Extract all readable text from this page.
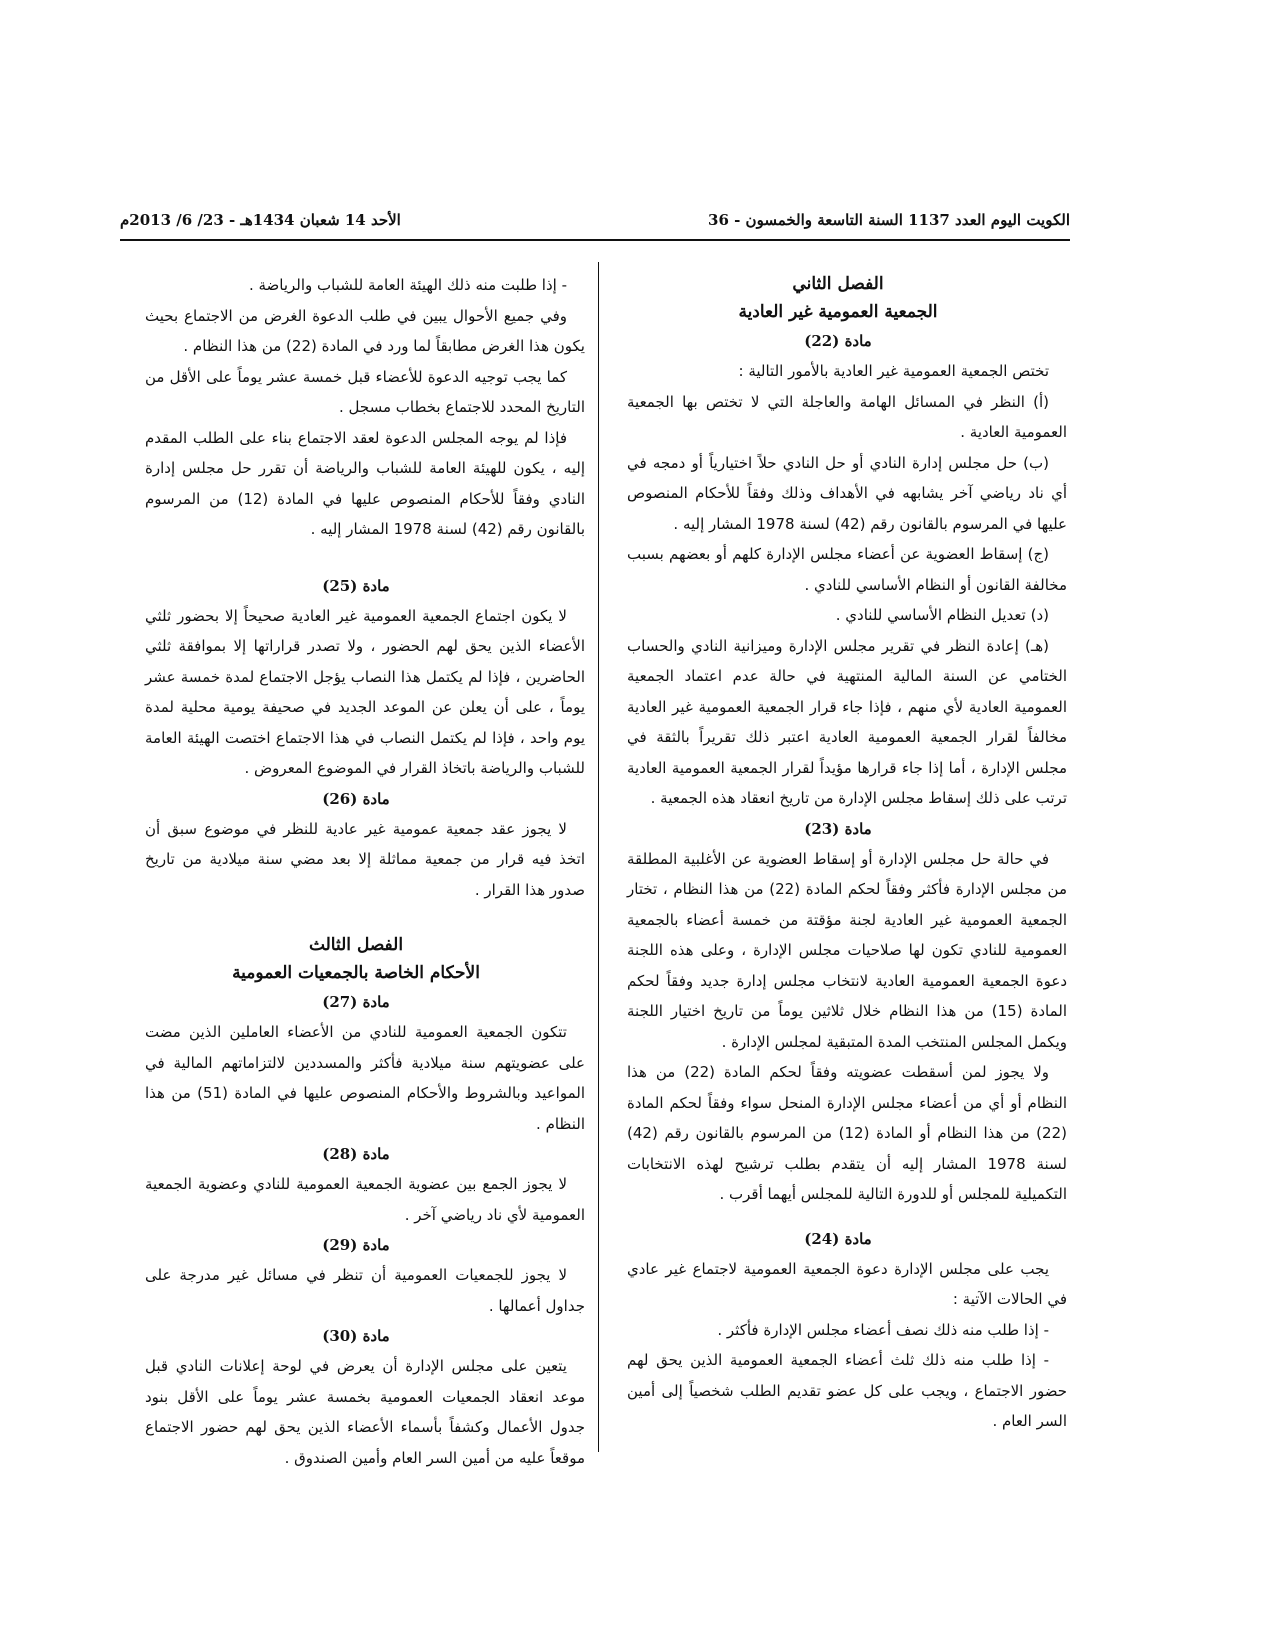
الكويت اليوم العدد 1137 السنة التاسعة والخمسون - 36
الأحد 14 شعبان 1434هـ - 23/ 6/ 2013م

الفصل الثاني

الجمعية العمومية غير العادية

مادة (22)

تختص الجمعية العمومية غير العادية بالأمور التالية :

(أ) النظر في المسائل الهامة والعاجلة التي لا تختص بها الجمعية العمومية العادية .

(ب) حل مجلس إدارة النادي أو حل النادي حلاً اختيارياً أو دمجه في أي ناد رياضي آخر يشابهه في الأهداف وذلك وفقاً للأحكام المنصوص عليها في المرسوم بالقانون رقم (42) لسنة 1978 المشار إليه .

(ج) إسقاط العضوية عن أعضاء مجلس الإدارة كلهم أو بعضهم بسبب مخالفة القانون أو النظام الأساسي للنادي .

(د) تعديل النظام الأساسي للنادي .

(هـ) إعادة النظر في تقرير مجلس الإدارة وميزانية النادي والحساب الختامي عن السنة المالية المنتهية في حالة عدم اعتماد الجمعية العمومية العادية لأي منهم ، فإذا جاء قرار الجمعية العمومية غير العادية مخالفاً لقرار الجمعية العمومية العادية اعتبر ذلك تقريراً بالثقة في مجلس الإدارة ، أما إذا جاء قرارها مؤيداً لقرار الجمعية العمومية العادية ترتب على ذلك إسقاط مجلس الإدارة من تاريخ انعقاد هذه الجمعية .

مادة (23)

في حالة حل مجلس الإدارة أو إسقاط العضوية عن الأغلبية المطلقة من مجلس الإدارة فأكثر وفقاً لحكم المادة (22) من هذا النظام ، تختار الجمعية العمومية غير العادية لجنة مؤقتة من خمسة أعضاء بالجمعية العمومية للنادي تكون لها صلاحيات مجلس الإدارة ، وعلى هذه اللجنة دعوة الجمعية العمومية العادية لانتخاب مجلس إدارة جديد وفقاً لحكم المادة (15) من هذا النظام خلال ثلاثين يوماً من تاريخ اختيار اللجنة ويكمل المجلس المنتخب المدة المتبقية لمجلس الإدارة .

ولا يجوز لمن أسقطت عضويته وفقاً لحكم المادة (22) من هذا النظام أو أي من أعضاء مجلس الإدارة المنحل سواء وفقاً لحكم المادة (22) من هذا النظام أو المادة (12) من المرسوم بالقانون رقم (42) لسنة 1978 المشار إليه أن يتقدم بطلب ترشيح لهذه الانتخابات التكميلية للمجلس أو للدورة التالية للمجلس أيهما أقرب .

مادة (24)

يجب على مجلس الإدارة دعوة الجمعية العمومية لاجتماع غير عادي في الحالات الآتية :

- إذا طلب منه ذلك نصف أعضاء مجلس الإدارة فأكثر .

- إذا طلب منه ذلك ثلث أعضاء الجمعية العمومية الذين يحق لهم حضور الاجتماع ، ويجب على كل عضو تقديم الطلب شخصياً إلى أمين السر العام .

- إذا طلبت منه ذلك الهيئة العامة للشباب والرياضة .

وفي جميع الأحوال يبين في طلب الدعوة الغرض من الاجتماع بحيث يكون هذا الغرض مطابقاً لما ورد في المادة (22) من هذا النظام .

كما يجب توجيه الدعوة للأعضاء قبل خمسة عشر يوماً على الأقل من التاريخ المحدد للاجتماع بخطاب مسجل .

فإذا لم يوجه المجلس الدعوة لعقد الاجتماع بناء على الطلب المقدم إليه ، يكون للهيئة العامة للشباب والرياضة أن تقرر حل مجلس إدارة النادي وفقاً للأحكام المنصوص عليها في المادة (12) من المرسوم بالقانون رقم (42) لسنة 1978 المشار إليه .

مادة (25)

لا يكون اجتماع الجمعية العمومية غير العادية صحيحاً إلا بحضور ثلثي الأعضاء الذين يحق لهم الحضور ، ولا تصدر قراراتها إلا بموافقة ثلثي الحاضرين ، فإذا لم يكتمل هذا النصاب يؤجل الاجتماع لمدة خمسة عشر يوماً ، على أن يعلن عن الموعد الجديد في صحيفة يومية محلية لمدة يوم واحد ، فإذا لم يكتمل النصاب في هذا الاجتماع اختصت الهيئة العامة للشباب والرياضة باتخاذ القرار في الموضوع المعروض .

مادة (26)

لا يجوز عقد جمعية عمومية غير عادية للنظر في موضوع سبق أن اتخذ فيه قرار من جمعية مماثلة إلا بعد مضي سنة ميلادية من تاريخ صدور هذا القرار .

الفصل الثالث

الأحكام الخاصة بالجمعيات العمومية

مادة (27)

تتكون الجمعية العمومية للنادي من الأعضاء العاملين الذين مضت على عضويتهم سنة ميلادية فأكثر والمسددين لالتزاماتهم المالية في المواعيد وبالشروط والأحكام المنصوص عليها في المادة (51) من هذا النظام .

مادة (28)

لا يجوز الجمع بين عضوية الجمعية العمومية للنادي وعضوية الجمعية العمومية لأي ناد رياضي آخر .

مادة (29)

لا يجوز للجمعيات العمومية أن تنظر في مسائل غير مدرجة على جداول أعمالها .

مادة (30)

يتعين على مجلس الإدارة أن يعرض في لوحة إعلانات النادي قبل موعد انعقاد الجمعيات العمومية بخمسة عشر يوماً على الأقل بنود جدول الأعمال وكشفاً بأسماء الأعضاء الذين يحق لهم حضور الاجتماع موقعاً عليه من أمين السر العام وأمين الصندوق .
